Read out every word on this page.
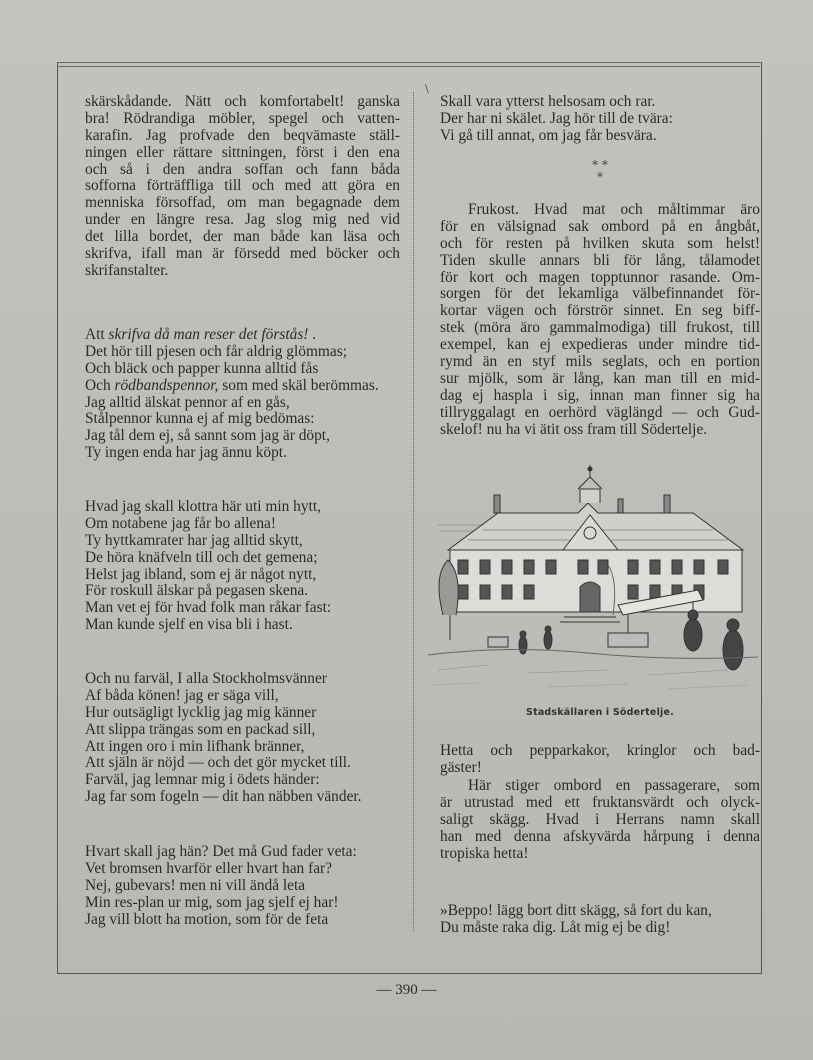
\
skärskådande. Nätt och komfortabelt! ganska
bra! Rödrandiga möbler, spegel och vatten-
karafin. Jag profvade den beqvämaste ställ-
ningen eller rättare sittningen, först i den ena
och så i den andra soffan och fann båda
sofforna förträffliga till och med att göra en
menniska försoffad, om man begagnade dem
under en längre resa. Jag slog mig ned vid
det lilla bordet, der man både kan läsa och
skrifva, ifall man är försedd med böcker och
skrifanstalter.
Att skrifva då man reser det förstås! .
Det hör till pjesen och får aldrig glömmas;
Och bläck och papper kunna alltid fås
Och rödbandspennor, som med skäl berömmas.
Jag alltid älskat pennor af en gås,
Stålpennor kunna ej af mig bedömas:
Jag tål dem ej, så sannt som jag är döpt,
Ty ingen enda har jag ännu köpt.
Hvad jag skall klottra här uti min hytt,
Om notabene jag får bo allena!
Ty hyttkamrater har jag alltid skytt,
De höra knäfveln till och det gemena;
Helst jag ibland, som ej är något nytt,
För roskull älskar på pegasen skena.
Man vet ej för hvad folk man råkar fast:
Man kunde sjelf en visa bli i hast.
Och nu farväl, I alla Stockholmsvänner
Af båda könen! jag er säga vill,
Hur outsägligt lycklig jag mig känner
Att slippa trängas som en packad sill,
Att ingen oro i min lifhank bränner,
Att själn är nöjd — och det gör mycket till.
Farväl, jag lemnar mig i ödets händer:
Jag far som fogeln — dit han näbben vänder.
Hvart skall jag hän? Det må Gud fader veta:
Vet bromsen hvarför eller hvart han far?
Nej, gubevars! men ni vill ändå leta
Min res-plan ur mig, som jag sjelf ej har!
Jag vill blott ha motion, som för de feta
Skall vara ytterst helsosam och rar.
Der har ni skälet. Jag hör till de tvära:
Vi gå till annat, om jag får besvära.
* *
*
Frukost. Hvad mat och måltimmar äro
för en välsignad sak ombord på en ångbåt,
och för resten på hvilken skuta som helst!
Tiden skulle annars bli för lång, tålamodet
för kort och magen topptunnor rasande. Om-
sorgen för det lekamliga välbefinnandet för-
kortar vägen och förströr sinnet. En seg biff-
stek (möra äro gammalmodiga) till frukost, till
exempel, kan ej expedieras under mindre tid-
rymd än en styf mils seglats, och en portion
sur mjölk, som är lång, kan man till en mid-
dag ej haspla i sig, innan man finner sig ha
tillryggalagt en oerhörd väglängd — och Gud-
skelof! nu ha vi ätit oss fram till Södertelje.
Stadskällaren i Södertelje.
Hetta och pepparkakor, kringlor och bad-
gäster!
Här stiger ombord en passagerare, som
är utrustad med ett fruktansvärdt och olyck-
saligt skägg. Hvad i Herrans namn skall
han med denna afskyvärda hårpung i denna
tropiska hetta!
»Beppo! lägg bort ditt skägg, så fort du kan,
Du måste raka dig. Låt mig ej be dig!
— 390 —
